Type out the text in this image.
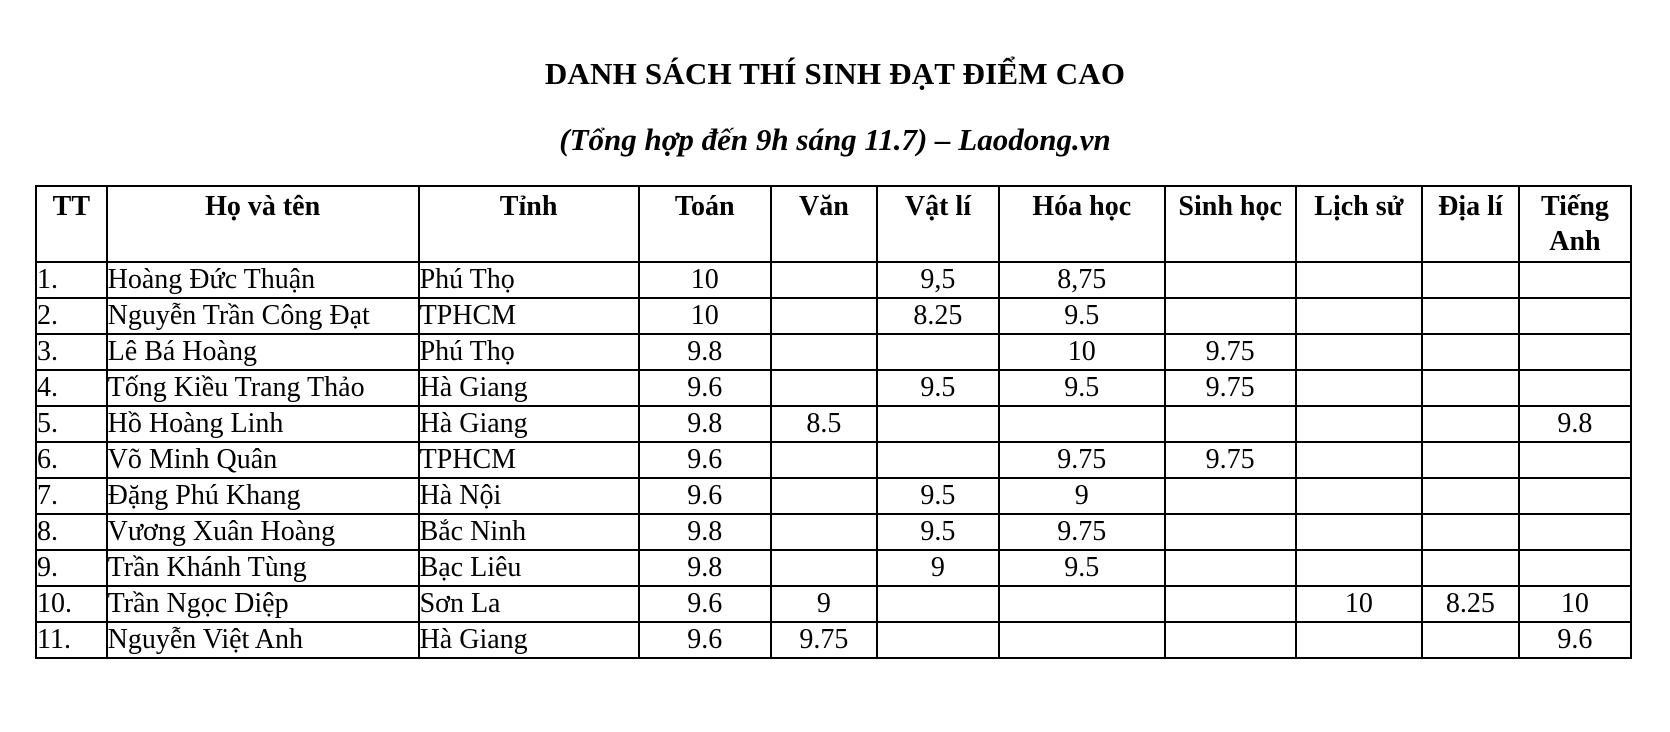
DANH SÁCH THÍ SINH ĐẠT ĐIỂM CAO
(Tổng hợp đến 9h sáng 11.7) – Laodong.vn
TT	Họ và tên	Tỉnh	Toán	Văn	Vật lí	Hóa học	Sinh học	Lịch sử	Địa lí	Tiếng Anh
1.	Hoàng Đức Thuận	Phú Thọ	10		9,5	8,75				
2.	Nguyễn Trần Công Đạt	TPHCM	10		8.25	9.5				
3.	Lê Bá Hoàng	Phú Thọ	9.8			10	9.75			
4.	Tống Kiều Trang Thảo	Hà Giang	9.6		9.5	9.5	9.75			
5.	Hồ Hoàng Linh	Hà Giang	9.8	8.5						9.8
6.	Võ Minh Quân	TPHCM	9.6			9.75	9.75			
7.	Đặng Phú Khang	Hà Nội	9.6		9.5	9				
8.	Vương Xuân Hoàng	Bắc Ninh	9.8		9.5	9.75				
9.	Trần Khánh Tùng	Bạc Liêu	9.8		9	9.5				
10.	Trần Ngọc Diệp	Sơn La	9.6	9				10	8.25	10
11.	Nguyễn Việt Anh	Hà Giang	9.6	9.75						9.6
